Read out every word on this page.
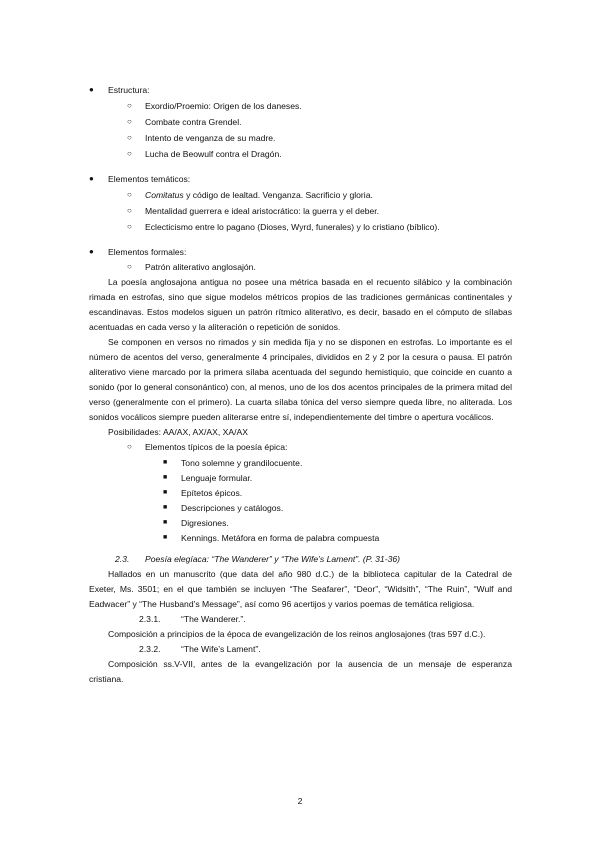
● Estructura:
○ Exordio/Proemio: Origen de los daneses.
○ Combate contra Grendel.
○ Intento de venganza de su madre.
○ Lucha de Beowulf contra el Dragón.
● Elementos temáticos:
○ Comitatus y código de lealtad. Venganza. Sacrificio y gloria.
○ Mentalidad guerrera e ideal aristocrático: la guerra y el deber.
○ Eclecticismo entre lo pagano (Dioses, Wyrd, funerales) y lo cristiano (bíblico).
● Elementos formales:
○ Patrón aliterativo anglosajón.
La poesía anglosajona antigua no posee una métrica basada en el recuento silábico y la combinación
rimada en estrofas, sino que sigue modelos métricos propios de las tradiciones germánicas continentales y
escandinavas. Estos modelos siguen un patrón rítmico aliterativo, es decir, basado en el cómputo de sílabas
acentuadas en cada verso y la aliteración o repetición de sonidos.
Se componen en versos no rimados y sin medida fija y no se disponen en estrofas. Lo importante es el
número de acentos del verso, generalmente 4 principales, divididos en 2 y 2 por la cesura o pausa. El patrón
aliterativo viene marcado por la primera sílaba acentuada del segundo hemistiquio, que coincide en cuanto a
sonido (por lo general consonántico) con, al menos, uno de los dos acentos principales de la primera mitad del
verso (generalmente con el primero). La cuarta sílaba tónica del verso siempre queda libre, no aliterada. Los
sonidos vocálicos siempre pueden aliterarse entre sí, independientemente del timbre o apertura vocálicos.
Posibilidades: AA/AX, AX/AX, XA/AX
○ Elementos típicos de la poesía épica:
■ Tono solemne y grandilocuente.
■ Lenguaje formular.
■ Epítetos épicos.
■ Descripciones y catálogos.
■ Digresiones.
■ Kennings. Metáfora en forma de palabra compuesta
2.3. Poesía elegíaca: “The Wanderer” y “The Wife’s Lament”. (P. 31-36)
Hallados en un manuscrito (que data del año 980 d.C.) de la biblioteca capitular de la Catedral de
Exeter, Ms. 3501; en el que también se incluyen “The Seafarer”, “Deor”, “Widsith”, “The Ruin”, “Wulf and
Eadwacer” y “The Husband’s Message”, así como 96 acertijos y varios poemas de temática religiosa.
2.3.1. “The Wanderer.”.
Composición a principios de la época de evangelización de los reinos anglosajones (tras 597 d.C.).
2.3.2. “The Wife’s Lament”.
Composición ss.V-VII, antes de la evangelización por la ausencia de un mensaje de esperanza
cristiana.
2
